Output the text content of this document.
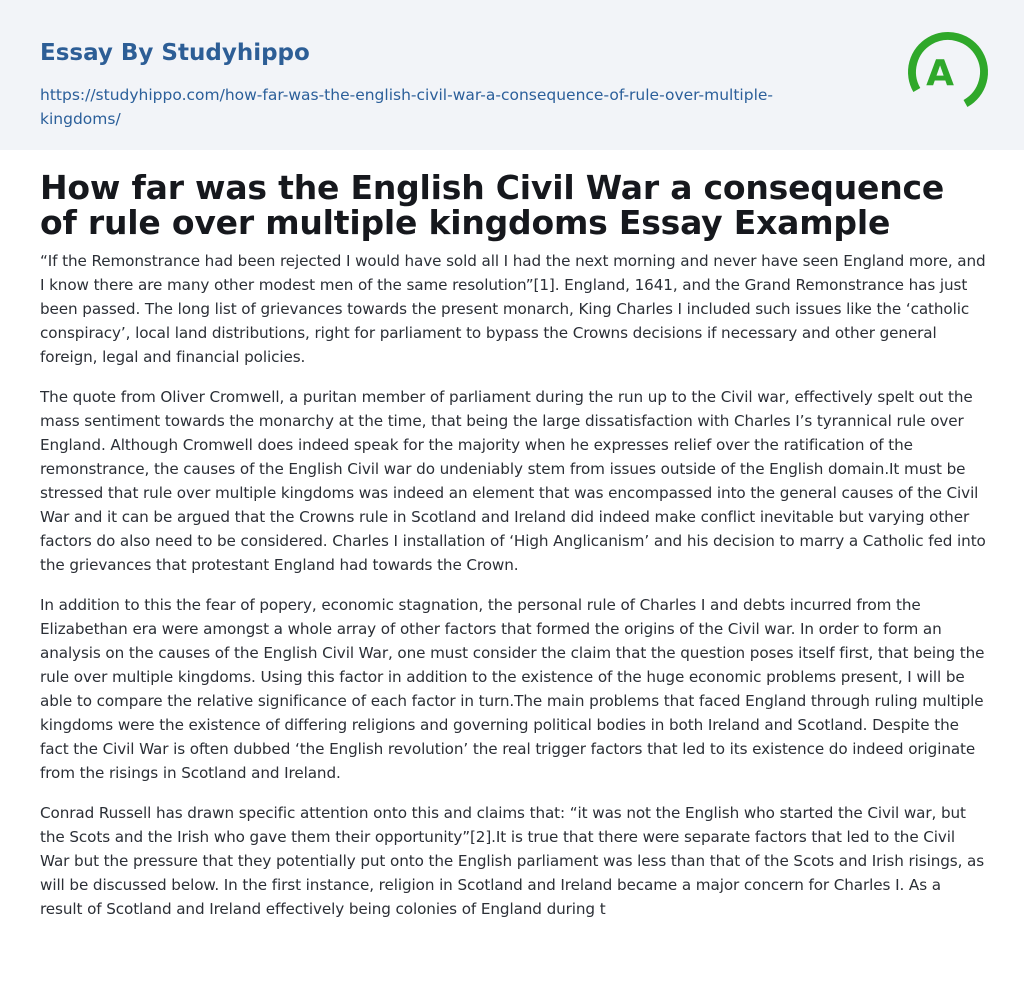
Essay By Studyhippo
https://studyhippo.com/how-far-was-the-english-civil-war-a-consequence-of-rule-over-multiple-kingdoms/
A
How far was the English Civil War a consequence of rule over multiple kingdoms Essay Example

“If the Remonstrance had been rejected I would have sold all I had the next morning and never have seen England more, and I know there are many other modest men of the same resolution”[1]. England, 1641, and the Grand Remonstrance has just been passed. The long list of grievances towards the present monarch, King Charles I included such issues like the ‘catholic conspiracy’, local land distributions, right for parliament to bypass the Crowns decisions if necessary and other general foreign, legal and financial policies.

The quote from Oliver Cromwell, a puritan member of parliament during the run up to the Civil war, effectively spelt out the mass sentiment towards the monarchy at the time, that being the large dissatisfaction with Charles I’s tyrannical rule over England. Although Cromwell does indeed speak for the majority when he expresses relief over the ratification of the remonstrance, the causes of the English Civil war do undeniably stem from issues outside of the English domain.It must be stressed that rule over multiple kingdoms was indeed an element that was encompassed into the general causes of the Civil War and it can be argued that the Crowns rule in Scotland and Ireland did indeed make conflict inevitable but varying other factors do also need to be considered. Charles I installation of ‘High Anglicanism’ and his decision to marry a Catholic fed into the grievances that protestant England had towards the Crown.

In addition to this the fear of popery, economic stagnation, the personal rule of Charles I and debts incurred from the Elizabethan era were amongst a whole array of other factors that formed the origins of the Civil war. In order to form an analysis on the causes of the English Civil War, one must consider the claim that the question poses itself first, that being the rule over multiple kingdoms. Using this factor in addition to the existence of the huge economic problems present, I will be able to compare the relative significance of each factor in turn.The main problems that faced England through ruling multiple kingdoms were the existence of differing religions and governing political bodies in both Ireland and Scotland. Despite the fact the Civil War is often dubbed ‘the English revolution’ the real trigger factors that led to its existence do indeed originate from the risings in Scotland and Ireland.

Conrad Russell has drawn specific attention onto this and claims that: “it was not the English who started the Civil war, but the Scots and the Irish who gave them their opportunity”[2].It is true that there were separate factors that led to the Civil War but the pressure that they potentially put onto the English parliament was less than that of the Scots and Irish risings, as will be discussed below. In the first instance, religion in Scotland and Ireland became a major concern for Charles I. As a result of Scotland and Ireland effectively being colonies of England during t
